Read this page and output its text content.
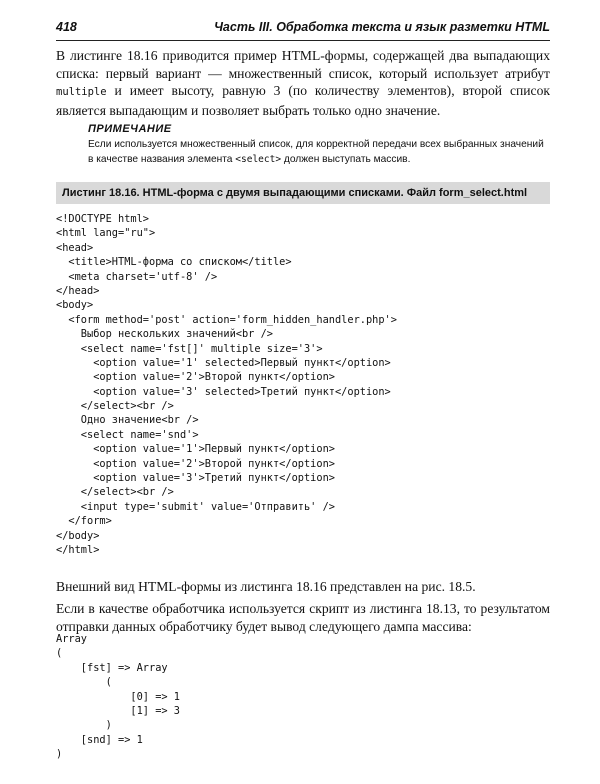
418	Часть III. Обработка текста и язык разметки HTML
В листинге 18.16 приводится пример HTML-формы, содержащей два выпадающих списка: первый вариант — множественный список, который использует атрибут multiple и имеет высоту, равную 3 (по количеству элементов), второй список является выпадающим и позволяет выбрать только одно значение.
ПРИМЕЧАНИЕ
Если используется множественный список, для корректной передачи всех выбранных значений в качестве названия элемента <select> должен выступать массив.
Листинг 18.16. HTML-форма с двумя выпадающими списками. Файл form_select.html
<!DOCTYPE html>
<html lang="ru">
<head>
<title>HTML-форма со списком</title>
<meta charset='utf-8' />
</head>
<body>
<form method='post' action='form_hidden_handler.php'>
Выбор нескольких значений<br />
<select name='fst[]' multiple size='3'>
<option value='1' selected>Первый пункт</option>
<option value='2'>Второй пункт</option>
<option value='3' selected>Третий пункт</option>
</select><br />
Одно значение<br />
<select name='snd'>
<option value='1'>Первый пункт</option>
<option value='2'>Второй пункт</option>
<option value='3'>Третий пункт</option>
</select><br />
<input type='submit' value='Отправить' />
</form>
</body>
</html>
Внешний вид HTML-формы из листинга 18.16 представлен на рис. 18.5.
Если в качестве обработчика используется скрипт из листинга 18.13, то результатом отправки данных обработчику будет вывод следующего дампа массива:
Array
(
[fst] => Array
(
[0] => 1
[1] => 3
)
[snd] => 1
)
